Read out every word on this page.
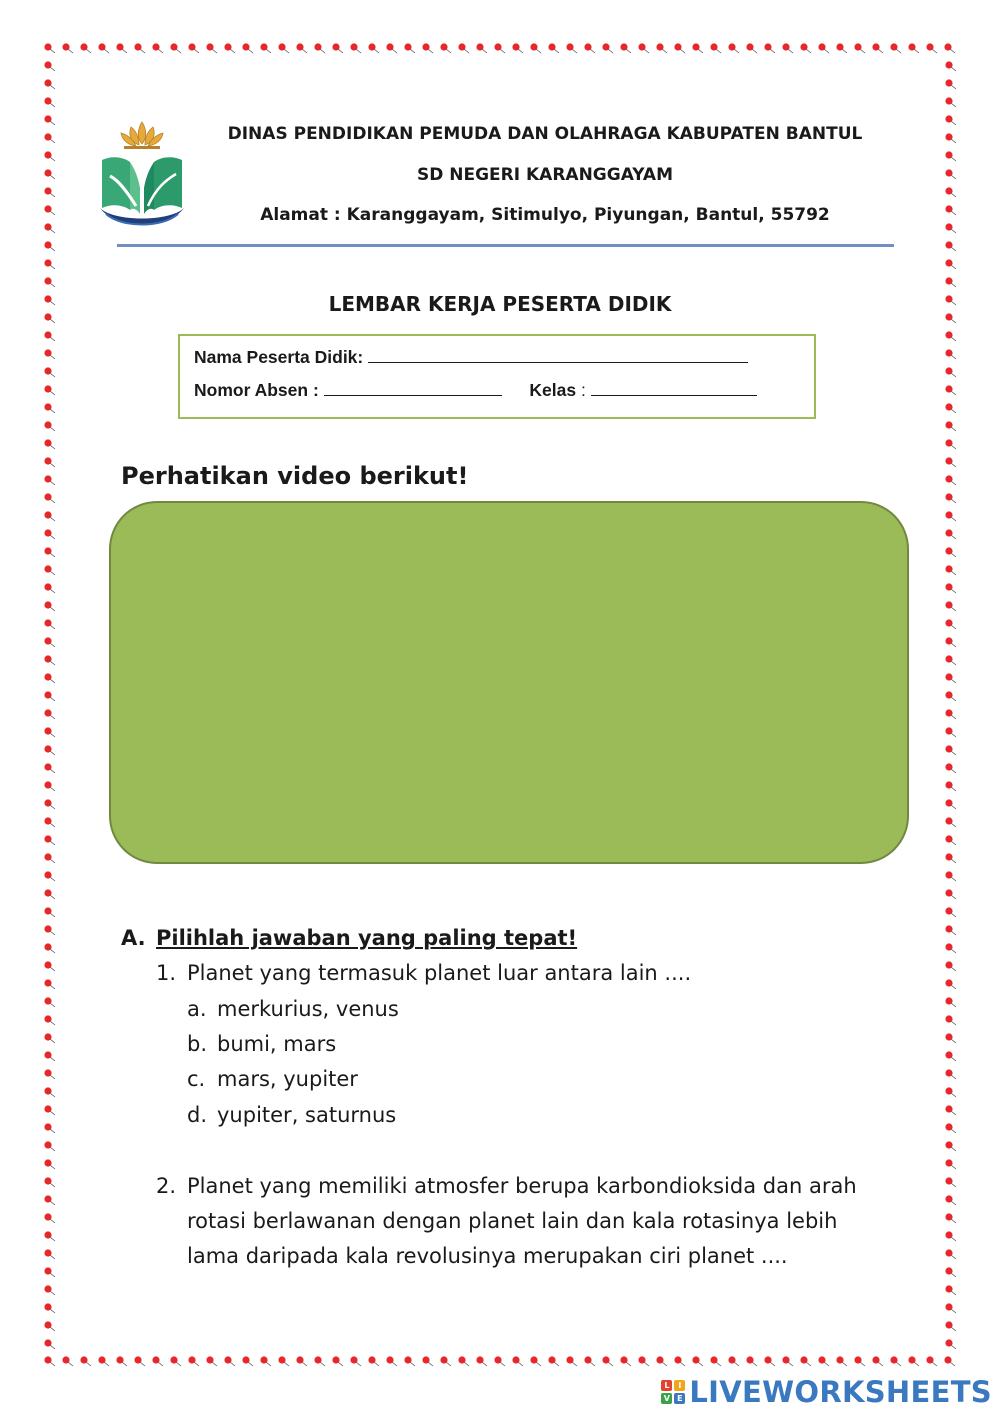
DINAS PENDIDIKAN PEMUDA DAN OLAHRAGA KABUPATEN BANTUL
SD NEGERI KARANGGAYAM
Alamat : Karanggayam, Sitimulyo, Piyungan, Bantul, 55792
LEMBAR KERJA PESERTA DIDIK
Nama Peserta Didik:
Nomor Absen :	Kelas :
Perhatikan video berikut!
A. Pilihlah jawaban yang paling tepat!
1. Planet yang termasuk planet luar antara lain ....
a. merkurius, venus
b. bumi, mars
c. mars, yupiter
d. yupiter, saturnus
2. Planet yang memiliki atmosfer berupa karbondioksida dan arah
rotasi berlawanan dengan planet lain dan kala rotasinya lebih
lama daripada kala revolusinya merupakan ciri planet ....
L	I
V E LIVEWORKSHEETS
